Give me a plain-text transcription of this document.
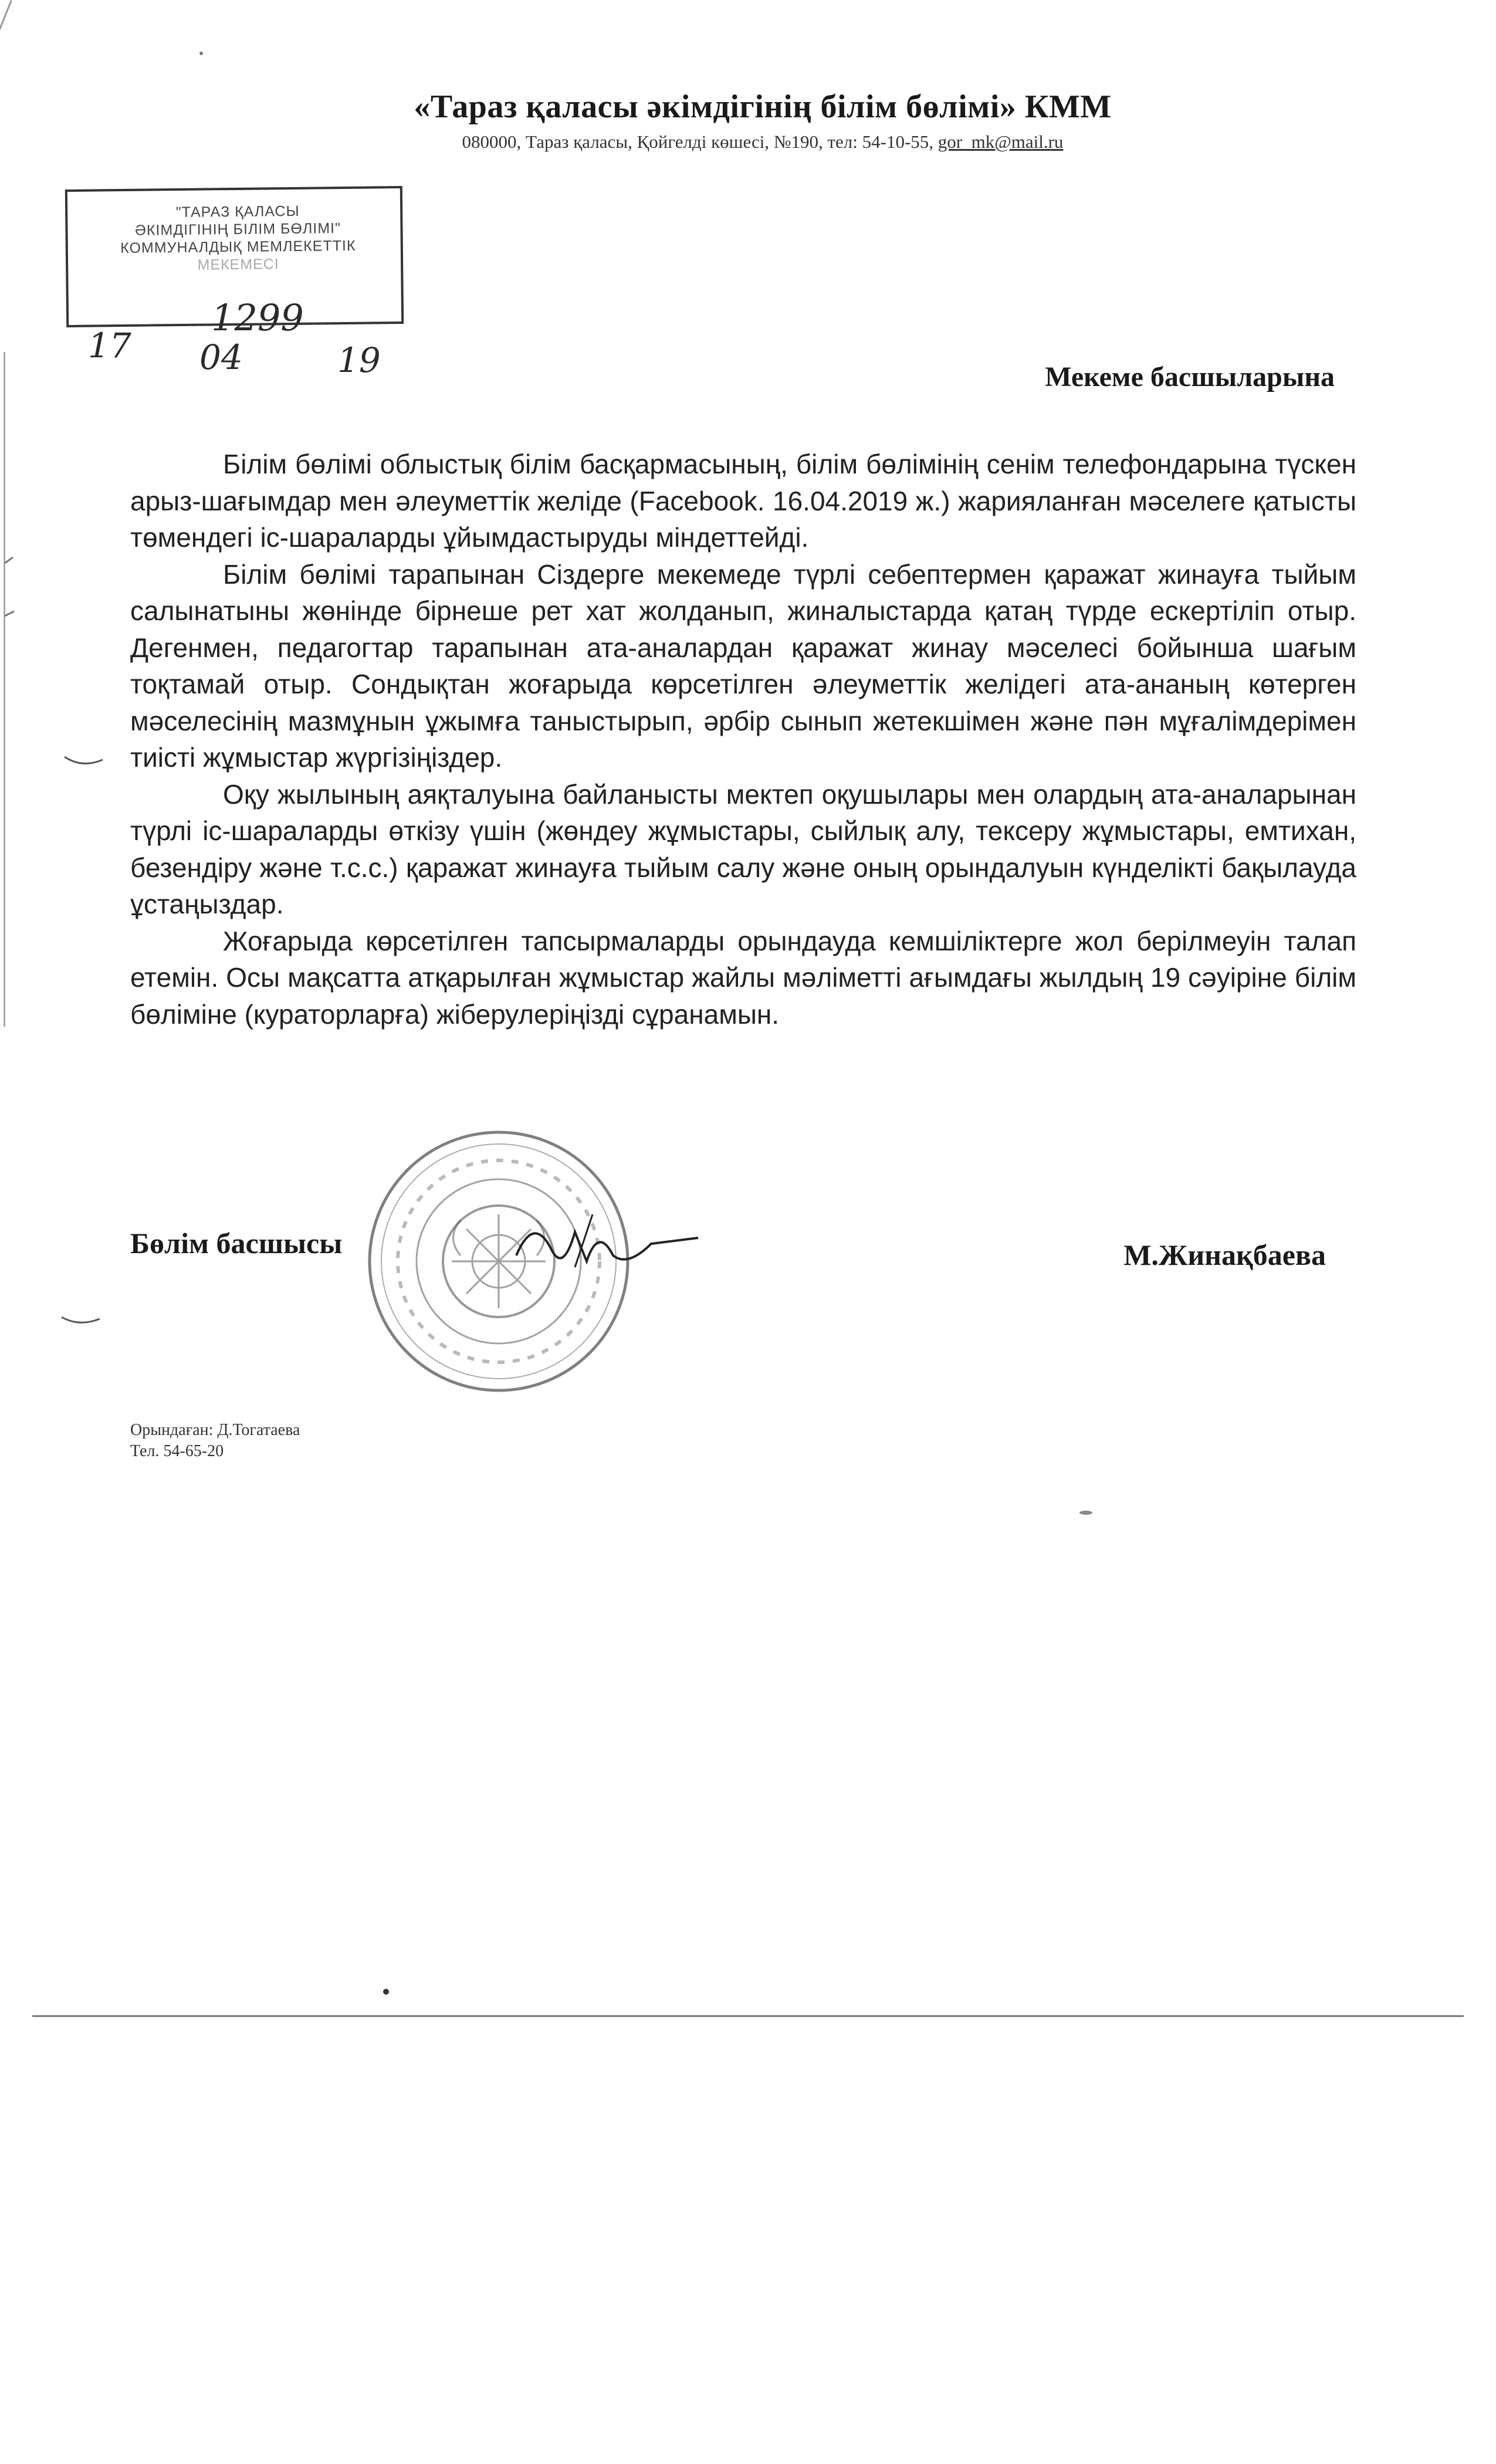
«Тараз қаласы әкімдігінің білім бөлімі» КММ
080000, Тараз қаласы, Қойгелді көшесі, №190, тел: 54-10-55, gor_mk@mail.ru
"ТАРАЗ ҚАЛАСЫ
ӘКІМДІГІНІҢ БІЛІМ БӨЛІМІ"
КОММУНАЛДЫҚ МЕМЛЕКЕТТІК
МЕКЕМЕСІ
1299
17 04	19	Мекеме басшыларына

Білім бөлімі облыстық білім басқармасының, білім бөлімінің сенім телефондарына түскен арыз-шағымдар мен әлеуметтік желіде (Facebook. 16.04.2019 ж.) жарияланған мәселеге қатысты төмендегі іс-шараларды ұйымдастыруды міндеттейді.

Білім бөлімі тарапынан Сіздерге мекемеде түрлі себептермен қаражат жинауға тыйым салынатыны жөнінде бірнеше рет хат жолданып, жиналыстарда қатаң түрде ескертіліп отыр. Дегенмен, педагогтар тарапынан ата-аналардан қаражат жинау мәселесі бойынша шағым тоқтамай отыр. Сондықтан жоғарыда көрсетілген әлеуметтік желідегі ата-ананың көтерген мәселесінің мазмұнын ұжымға таныстырып, әрбір сынып жетекшімен және пән мұғалімдерімен тиісті жұмыстар жүргізіңіздер.

Оқу жылының аяқталуына байланысты мектеп оқушылары мен олардың ата-аналарынан түрлі іс-шараларды өткізу үшін (жөндеу жұмыстары, сыйлық алу, тексеру жұмыстары, емтихан, безендіру және т.с.с.) қаражат жинауға тыйым салу және оның орындалуын күнделікті бақылауда ұстаңыздар.

Жоғарыда көрсетілген тапсырмаларды орындауда кемшіліктерге жол берілмеуін талап етемін. Осы мақсатта атқарылған жұмыстар жайлы мәліметті ағымдағы жылдың 19 сәуіріне білім бөліміне (кураторларға) жіберулеріңізді сұранамын.

Бөлім басшысы	М.Жинақбаева
Орындаған: Д.Тогатаева
Тел. 54-65-20
